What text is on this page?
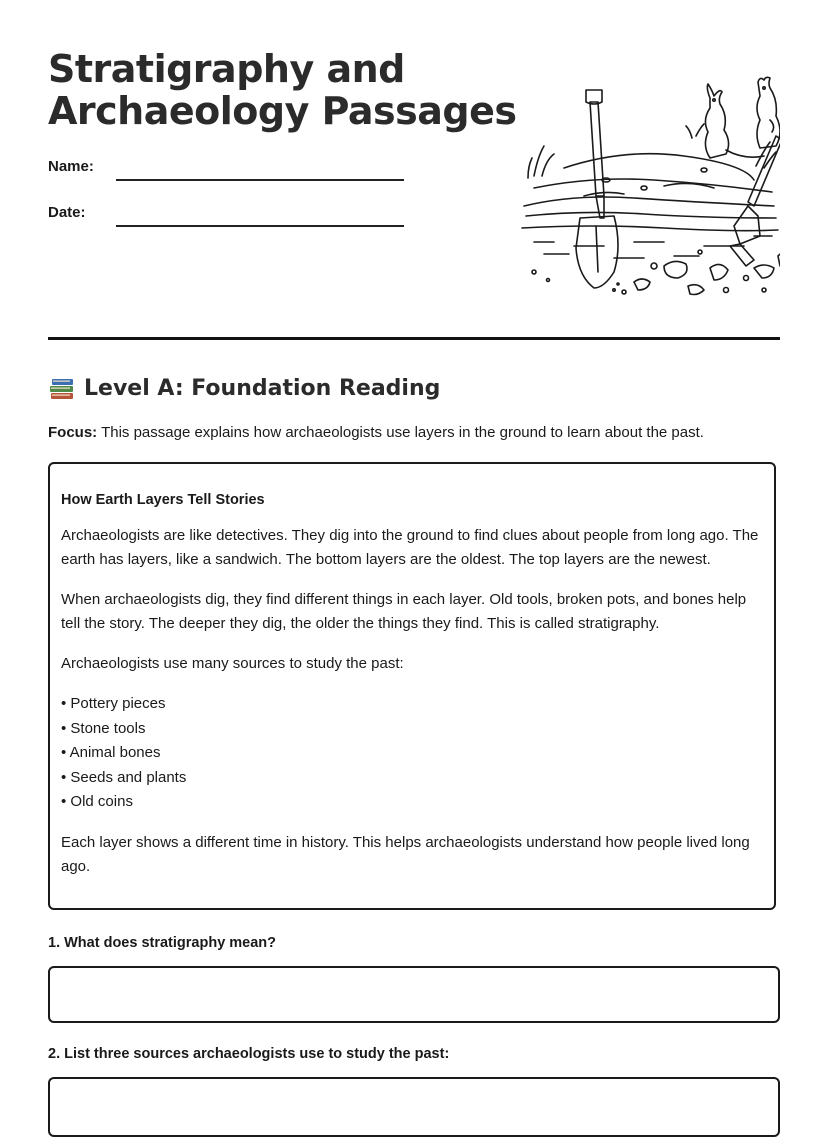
Stratigraphy and
Archaeology Passages
Name:
Date:
Level A: Foundation Reading
Focus: This passage explains how archaeologists use layers in the ground to learn about the past.
How Earth Layers Tell Stories

Archaeologists are like detectives. They dig into the ground to find clues about people from long ago. The earth has layers, like a sandwich. The bottom layers are the oldest. The top layers are the newest.

When archaeologists dig, they find different things in each layer. Old tools, broken pots, and bones help tell the story. The deeper they dig, the older the things they find. This is called stratigraphy.

Archaeologists use many sources to study the past:

• Pottery pieces
• Stone tools
• Animal bones
• Seeds and plants
• Old coins

Each layer shows a different time in history. This helps archaeologists understand how people lived long ago.

1. What does stratigraphy mean?
2. List three sources archaeologists use to study the past:
